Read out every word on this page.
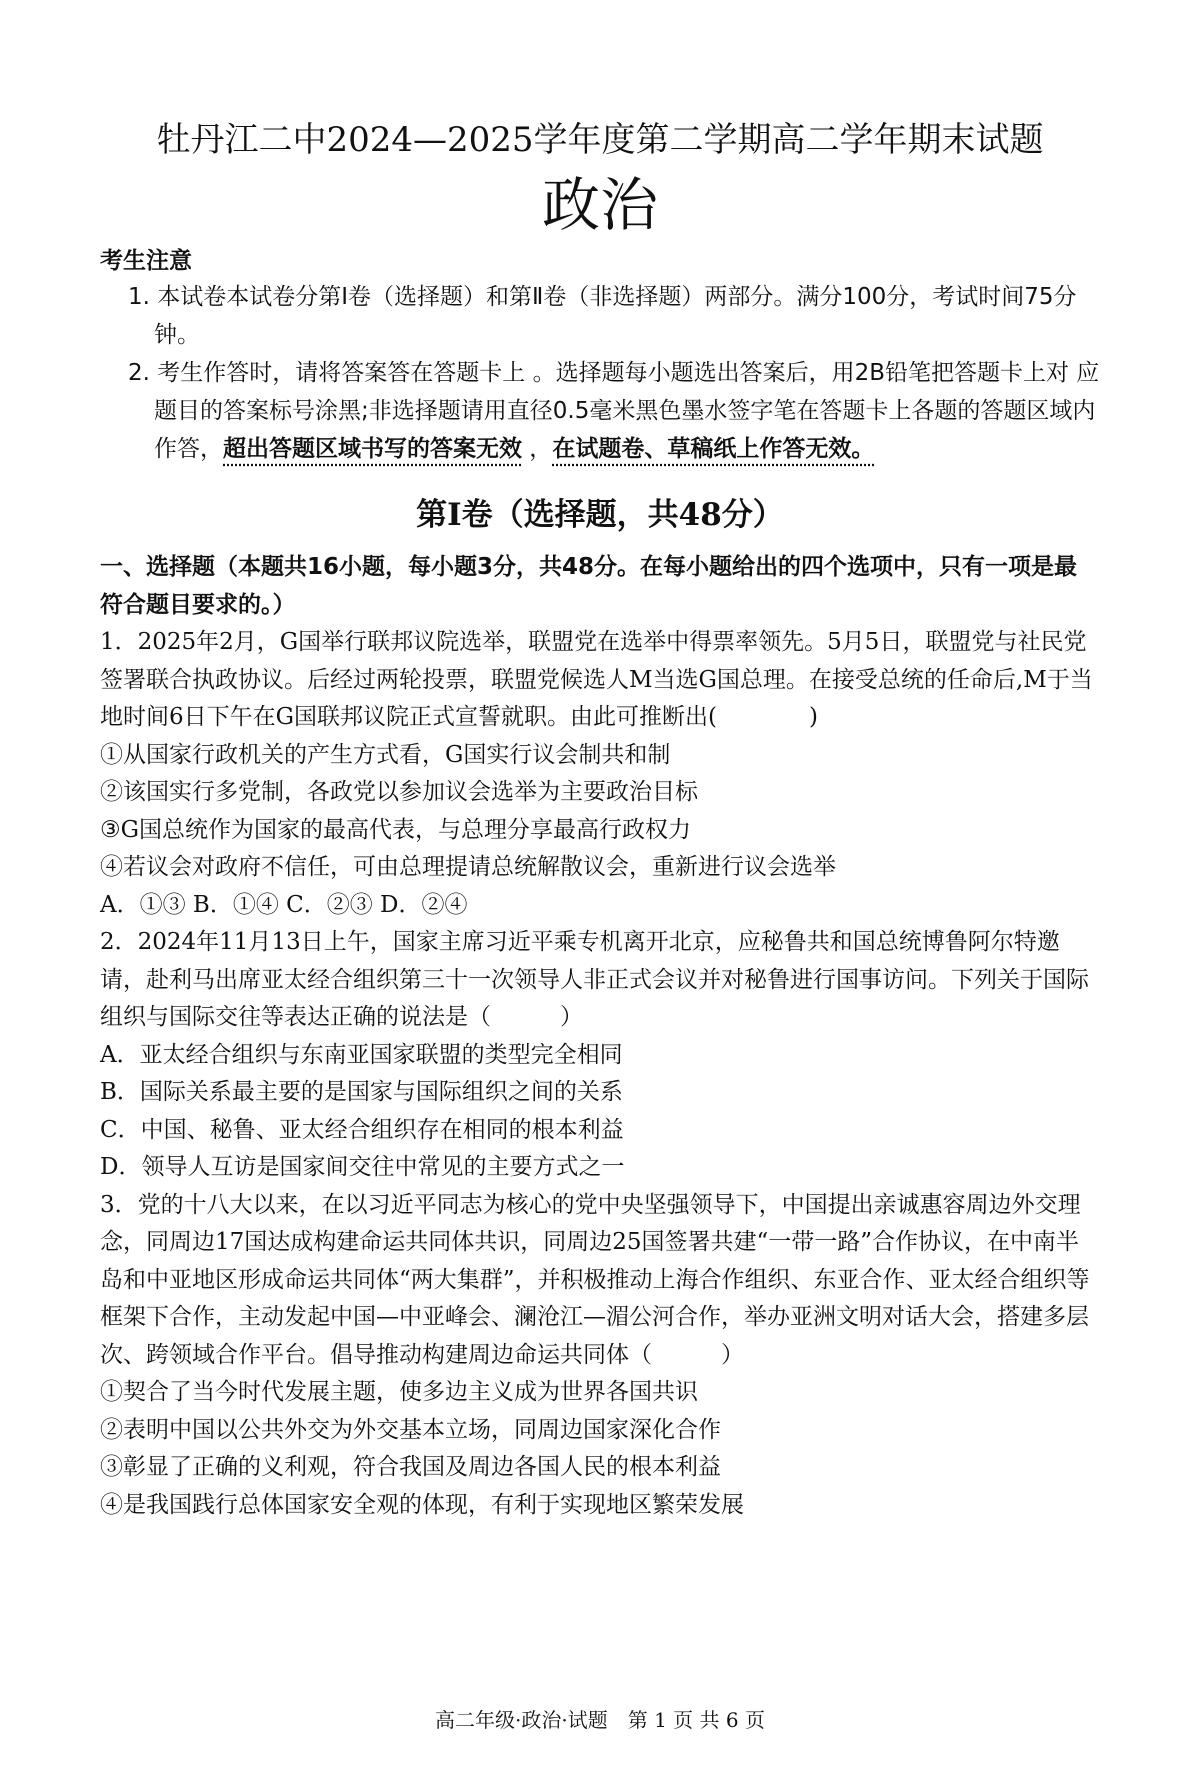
牡丹江二中2024—2025学年度第二学期高二学年期末试题
政治

考生注意

1. 本试卷本试卷分第Ⅰ卷（选择题）和第Ⅱ卷（非选择题）两部分。满分100分，考试时间75分钟。

2. 考生作答时，请将答案答在答题卡上 。选择题每小题选出答案后，用2B铅笔把答题卡上对 应题目的答案标号涂黑;非选择题请用直径0.5毫米黑色墨水签字笔在答题卡上各题的答题区域内作答，超出答题区域书写的答案无效 ，在试题卷、草稿纸上作答无效。

第Ⅰ卷（选择题，共48分）

一、选择题（本题共16小题，每小题3分，共48分。在每小题给出的四个选项中，只有一项是最符合题目要求的。）

1．2025年2月，G国举行联邦议院选举，联盟党在选举中得票率领先。5月5日，联盟党与社民党签署联合执政协议。后经过两轮投票，联盟党候选人M当选G国总理。在接受总统的任命后,M于当地时间6日下午在G国联邦议院正式宣誓就职。由此可推断出(　　　　)

①从国家行政机关的产生方式看，G国实行议会制共和制

②该国实行多党制，各政党以参加议会选举为主要政治目标

③G国总统作为国家的最高代表，与总理分享最高行政权力

④若议会对政府不信任，可由总理提请总统解散议会，重新进行议会选举

A．①③ B．①④ C．②③ D．②④

2．2024年11月13日上午，国家主席习近平乘专机离开北京，应秘鲁共和国总统博鲁阿尔特邀请，赴利马出席亚太经合组织第三十一次领导人非正式会议并对秘鲁进行国事访问。下列关于国际组织与国际交往等表达正确的说法是（　　　）

A．亚太经合组织与东南亚国家联盟的类型完全相同

B．国际关系最主要的是国家与国际组织之间的关系

C．中国、秘鲁、亚太经合组织存在相同的根本利益

D．领导人互访是国家间交往中常见的主要方式之一

3．党的十八大以来，在以习近平同志为核心的党中央坚强领导下，中国提出亲诚惠容周边外交理念，同周边17国达成构建命运共同体共识，同周边25国签署共建“一带一路”合作协议，在中南半岛和中亚地区形成命运共同体“两大集群”，并积极推动上海合作组织、东亚合作、亚太经合组织等框架下合作，主动发起中国—中亚峰会、澜沧江—湄公河合作，举办亚洲文明对话大会，搭建多层次、跨领域合作平台。倡导推动构建周边命运共同体（　　　）

①契合了当今时代发展主题，使多边主义成为世界各国共识

②表明中国以公共外交为外交基本立场，同周边国家深化合作

③彰显了正确的义利观，符合我国及周边各国人民的根本利益

④是我国践行总体国家安全观的体现，有利于实现地区繁荣发展

高二年级·政治·试题　第 1 页 共 6 页
